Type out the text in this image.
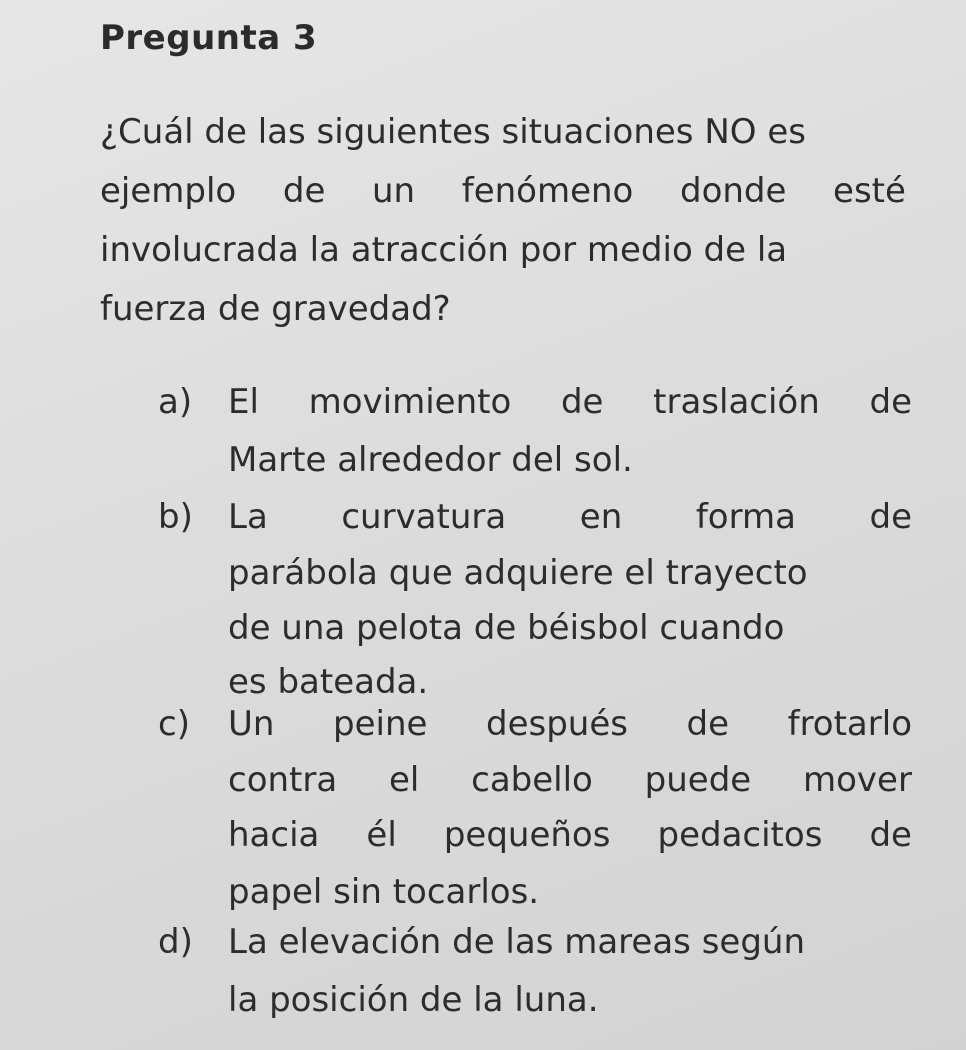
Pregunta 3
¿Cuál de las siguientes situaciones NO es
ejemplo de un fenómeno donde esté
involucrada la atracción por medio de la
fuerza de gravedad?
a) El movimiento de traslación de
Marte alrededor del sol.
b) La curvatura en forma de
parábola que adquiere el trayecto
de una pelota de béisbol cuando
es bateada.
c) Un peine después de frotarlo
contra el cabello puede mover
hacia él pequeños pedacitos de
papel sin tocarlos.
d) La elevación de las mareas según
la posición de la luna.
